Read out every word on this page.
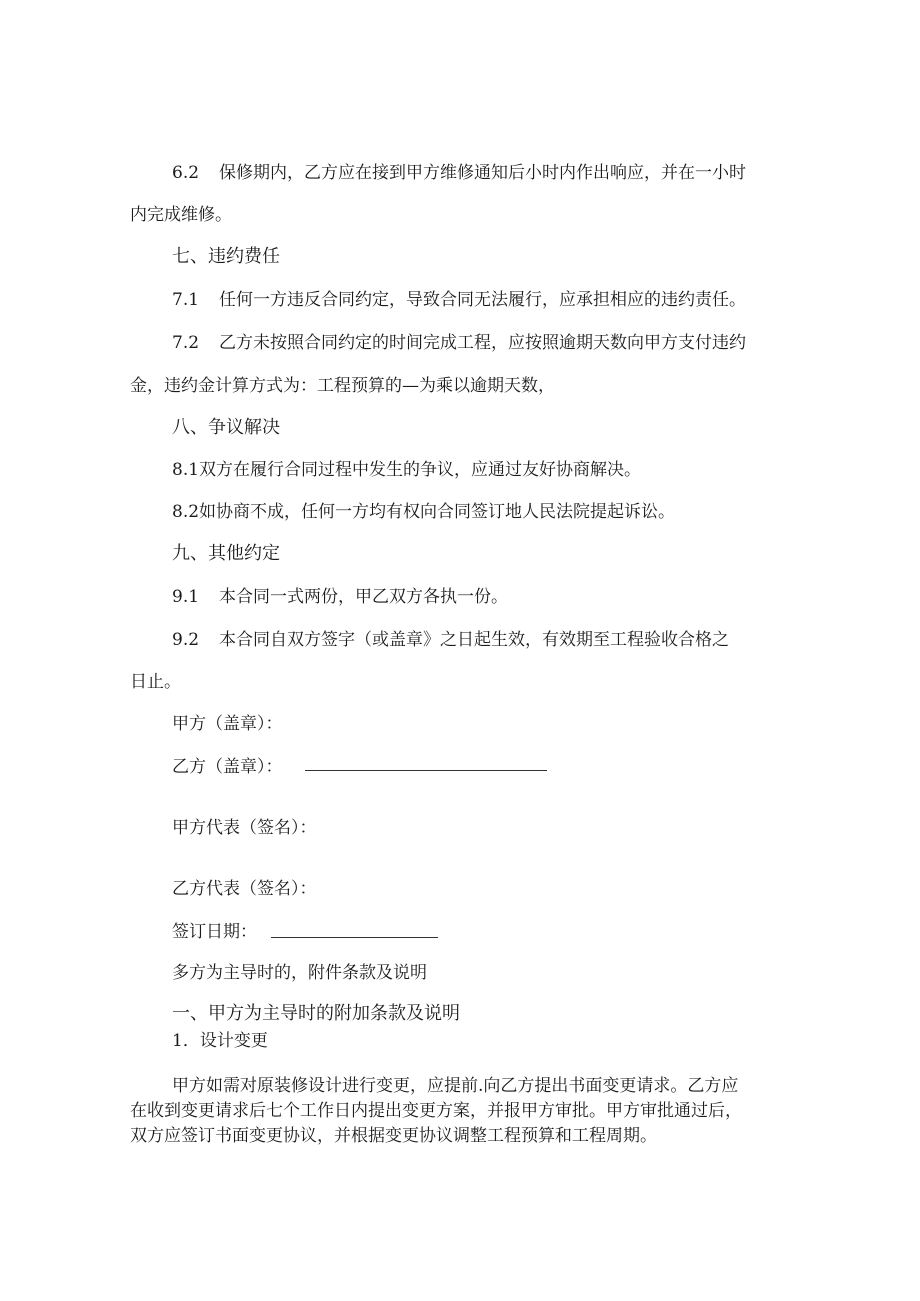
6.2 保修期内，乙方应在接到甲方维修通知后小时内作出响应，并在一小时
内完成维修。
七、违约费任
7.1 任何一方违反合同约定，导致合同无法履行，应承担相应的违约责任。
7.2 乙方未按照合同约定的时间完成工程，应按照逾期天数向甲方支付违约
金，违约金计算方式为：工程预算的—为乘以逾期天数，
八、争议解决
8.1双方在履行合同过程中发生的争议，应通过友好协商解决。
8.2如协商不成，任何一方均有权向合同签订地人民法院提起诉讼。
九、其他约定
9.1 本合同一式两份，甲乙双方各执一份。
9.2 本合同自双方签字（或盖章》之日起生效，有效期至工程验收合格之
日止。
甲方（盖章）：
乙方（盖章）：
甲方代表（签名）：
乙方代表（签名）：
签订日期：
多方为主导时的，附件条款及说明
一、甲方为主导时的附加条款及说明
1．设计变更
甲方如需对原装修设计进行变更，应提前.向乙方提出书面变更请求。乙方应
在收到变更请求后七个工作日内提出变更方案，并报甲方审批。甲方审批通过后，
双方应签订书面变更协议，并根据变更协议调整工程预算和工程周期。
